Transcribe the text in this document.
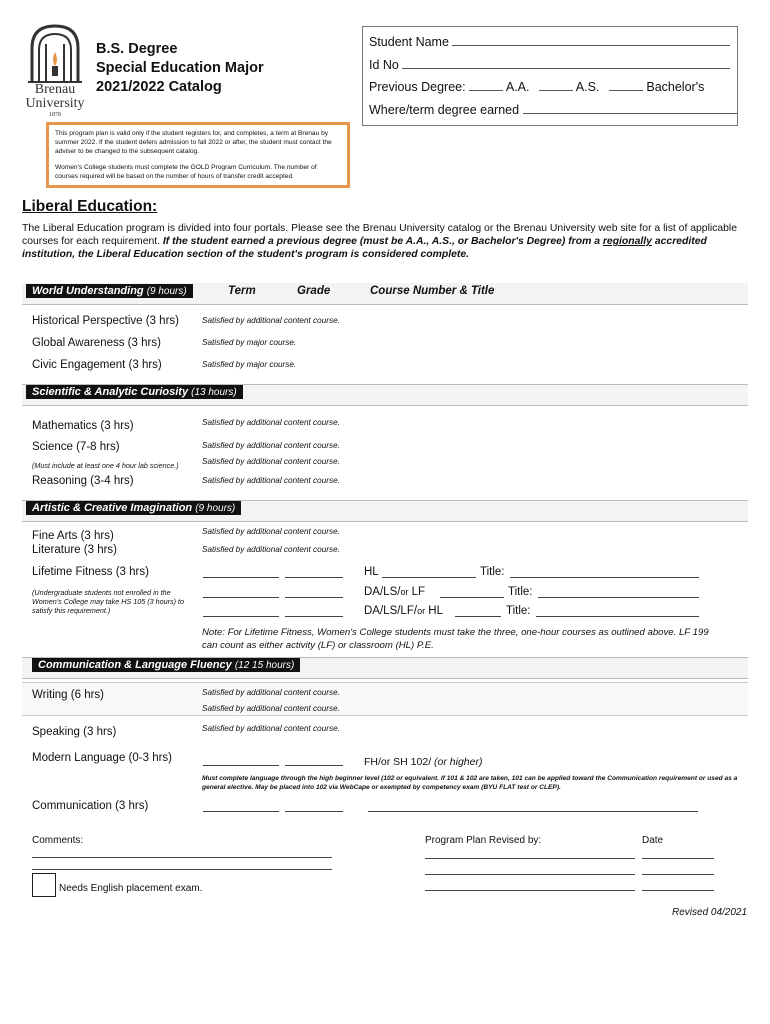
Brenau
University
1878
B.S. Degree
Special Education Major
2021/2022 Catalog
Student Name
Id No
Previous Degree:	A.A.	A.S.	Bachelor's
Where/term degree earned

This program plan is valid only if the student registers for, and completes, a term at Brenau by summer 2022. If the student defers admission to fall 2022 or after, the student must contact the adviser to be changed to the subsequent catalog.

Women's College students must complete the GOLD Program Curriculum. The number of courses required will be based on the number of hours of transfer credit accepted.

Liberal Education:
The Liberal Education program is divided into four portals. Please see the Brenau University catalog or the Brenau University web site for a list of applicable courses for each requirement. If the student earned a previous degree (must be A.A., A.S., or Bachelor's Degree) from a regionally accredited institution, the Liberal Education section of the student's program is considered complete.
World Understanding (9 hours)	Term	Grade	Course Number & Title
Historical Perspective (3 hrs)	Satisfied by additional content course.
Global Awareness (3 hrs)	Satisfied by major course.
Civic Engagement (3 hrs)	Satisfied by major course.
Scientific & Analytic Curiosity (13 hours)
Mathematics (3 hrs)	Satisfied by additional content course.
Science (7-8 hrs)	Satisfied by additional content course.
(Must include at least one 4 hour lab science.)	Satisfied by additional content course.
Reasoning (3-4 hrs)	Satisfied by additional content course.
Artistic & Creative Imagination (9 hours)
Fine Arts (3 hrs)	Satisfied by additional content course.
Literature (3 hrs)	Satisfied by additional content course.
Lifetime Fitness (3 hrs)
(Undergraduate students not enrolled in the Women's College may take HS 105 (3 hours) to satisfy this requirement.)
HL	Title:
DA/LS/or LF	Title:
DA/LS/LF/or HL	Title:
Note: For Lifetime Fitness, Women's College students must take the three, one-hour courses as outlined above. LF 199 can count as either activity (LF) or classroom (HL) P.E.
Communication & Language Fluency (12 15 hours)
Writing (6 hrs)	Satisfied by additional content course.
Satisfied by additional content course.
Speaking (3 hrs)	Satisfied by additional content course.
Modern Language (0-3 hrs)	FH/or SH 102/ (or higher)
Must complete language through the high beginner level (102 or equivalent. If 101 & 102 are taken, 101 can be applied toward the Communication requirement or used as a general elective. May be placed into 102 via WebCape or exempted by competency exam (BYU FLAT test or CLEP).
Communication (3 hrs)
Comments:	Program Plan Revised by:	Date
Needs English placement exam.
Revised 04/2021
